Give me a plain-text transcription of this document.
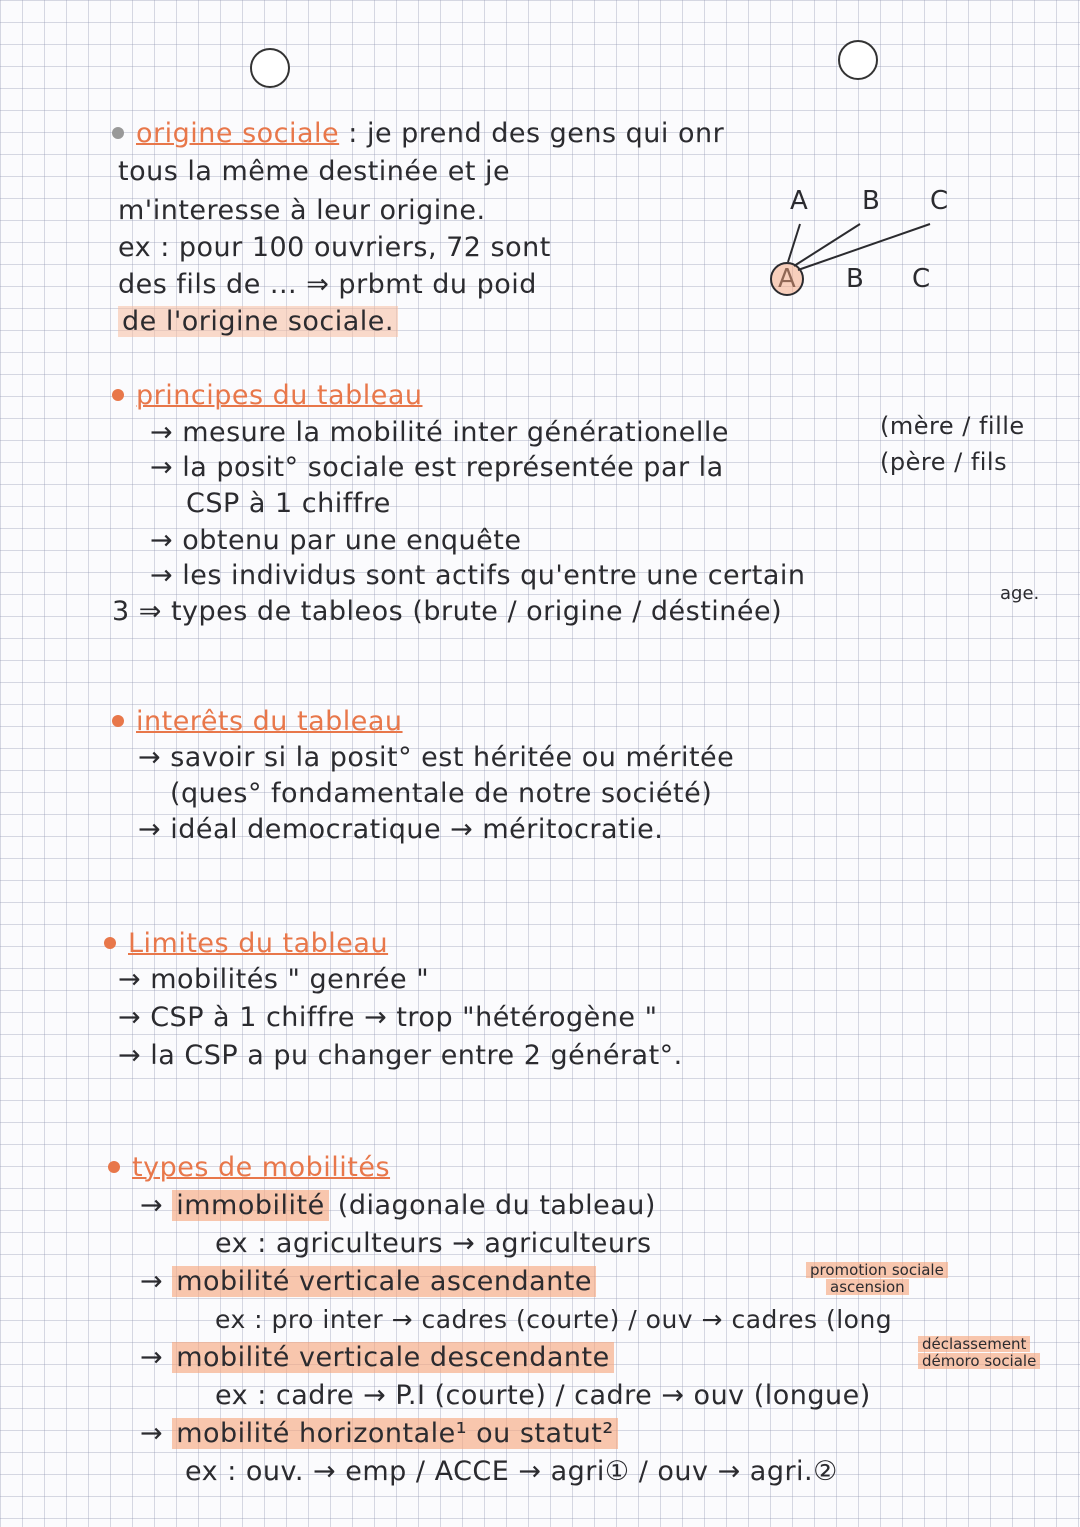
origine sociale : je prend des gens qui onr
tous la même destinée et je
m'interesse à leur origine.
ex : pour 100 ouvriers, 72 sont
des fils de ... ⇒ prbmt du poid
de l'origine sociale.
A B C
B C
principes du tableau
→ mesure la mobilité inter générationelle
→ la posit° sociale est représentée par la
CSP à 1 chiffre
→ obtenu par une enquête
→ les individus sont actifs qu'entre une certain
3 ⇒ types de tableos (brute / origine / déstinée)
(mère / fille
(père / fils
age.
interêts du tableau
→ savoir si la posit° est héritée ou méritée
(ques° fondamentale de notre société)
→ idéal democratique → méritocratie.
Limites du tableau
→ mobilités " genrée "
→ CSP à 1 chiffre → trop "hétérogène "
→ la CSP a pu changer entre 2 générat°.
types de mobilités
→ immobilité (diagonale du tableau)
ex : agriculteurs → agriculteurs
→ mobilité verticale ascendante	promotion sociale
ascension
ex : pro inter → cadres (courte) / ouv → cadres (long
→ mobilité verticale descendante	déclassement
démoro sociale
ex : cadre → P.I (courte) / cadre → ouv (longue)
→ mobilité horizontale¹ ou statut²
ex : ouv. → emp / ACCE → agri① / ouv → agri.②
